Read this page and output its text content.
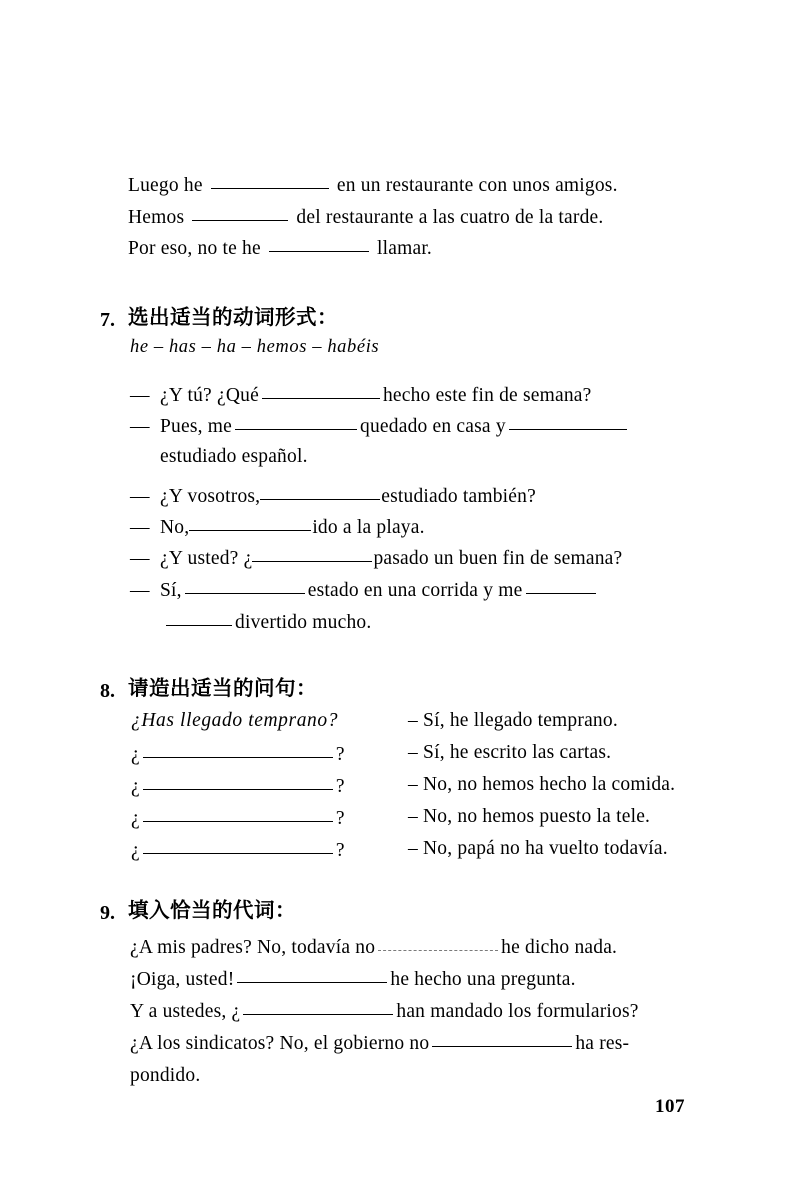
Luego he	en un restaurante con unos amigos.
Hemos	del restaurante a las cuatro de la tarde.
Por eso, no te he	llamar.
7. 选出适当的动词形式：
he – has – ha – hemos – habéis
— ¿Y tú? ¿Qué	hecho este fin de semana?
— Pues, me	quedado en casa y
estudiado español.
— ¿Y vosotros,	estudiado también?
— No,	ido a la playa.
— ¿Y usted? ¿	pasado un buen fin de semana?
— Sí,	estado en una corrida y me
divertido mucho.
8. 请造出适当的问句：
¿Has llegado temprano?	– Sí, he llegado temprano.
¿	?	– Sí, he escrito las cartas.
¿	?	– No, no hemos hecho la comida.
¿	?	– No, no hemos puesto la tele.
¿	?	– No, papá no ha vuelto todavía.
9. 填入恰当的代词：
¿A mis padres? No, todavía no	he dicho nada.
¡Oiga, usted!	he hecho una pregunta.
Y a ustedes, ¿	han mandado los formularios?
¿A los sindicatos? No, el gobierno no	ha res-
pondido.
107
